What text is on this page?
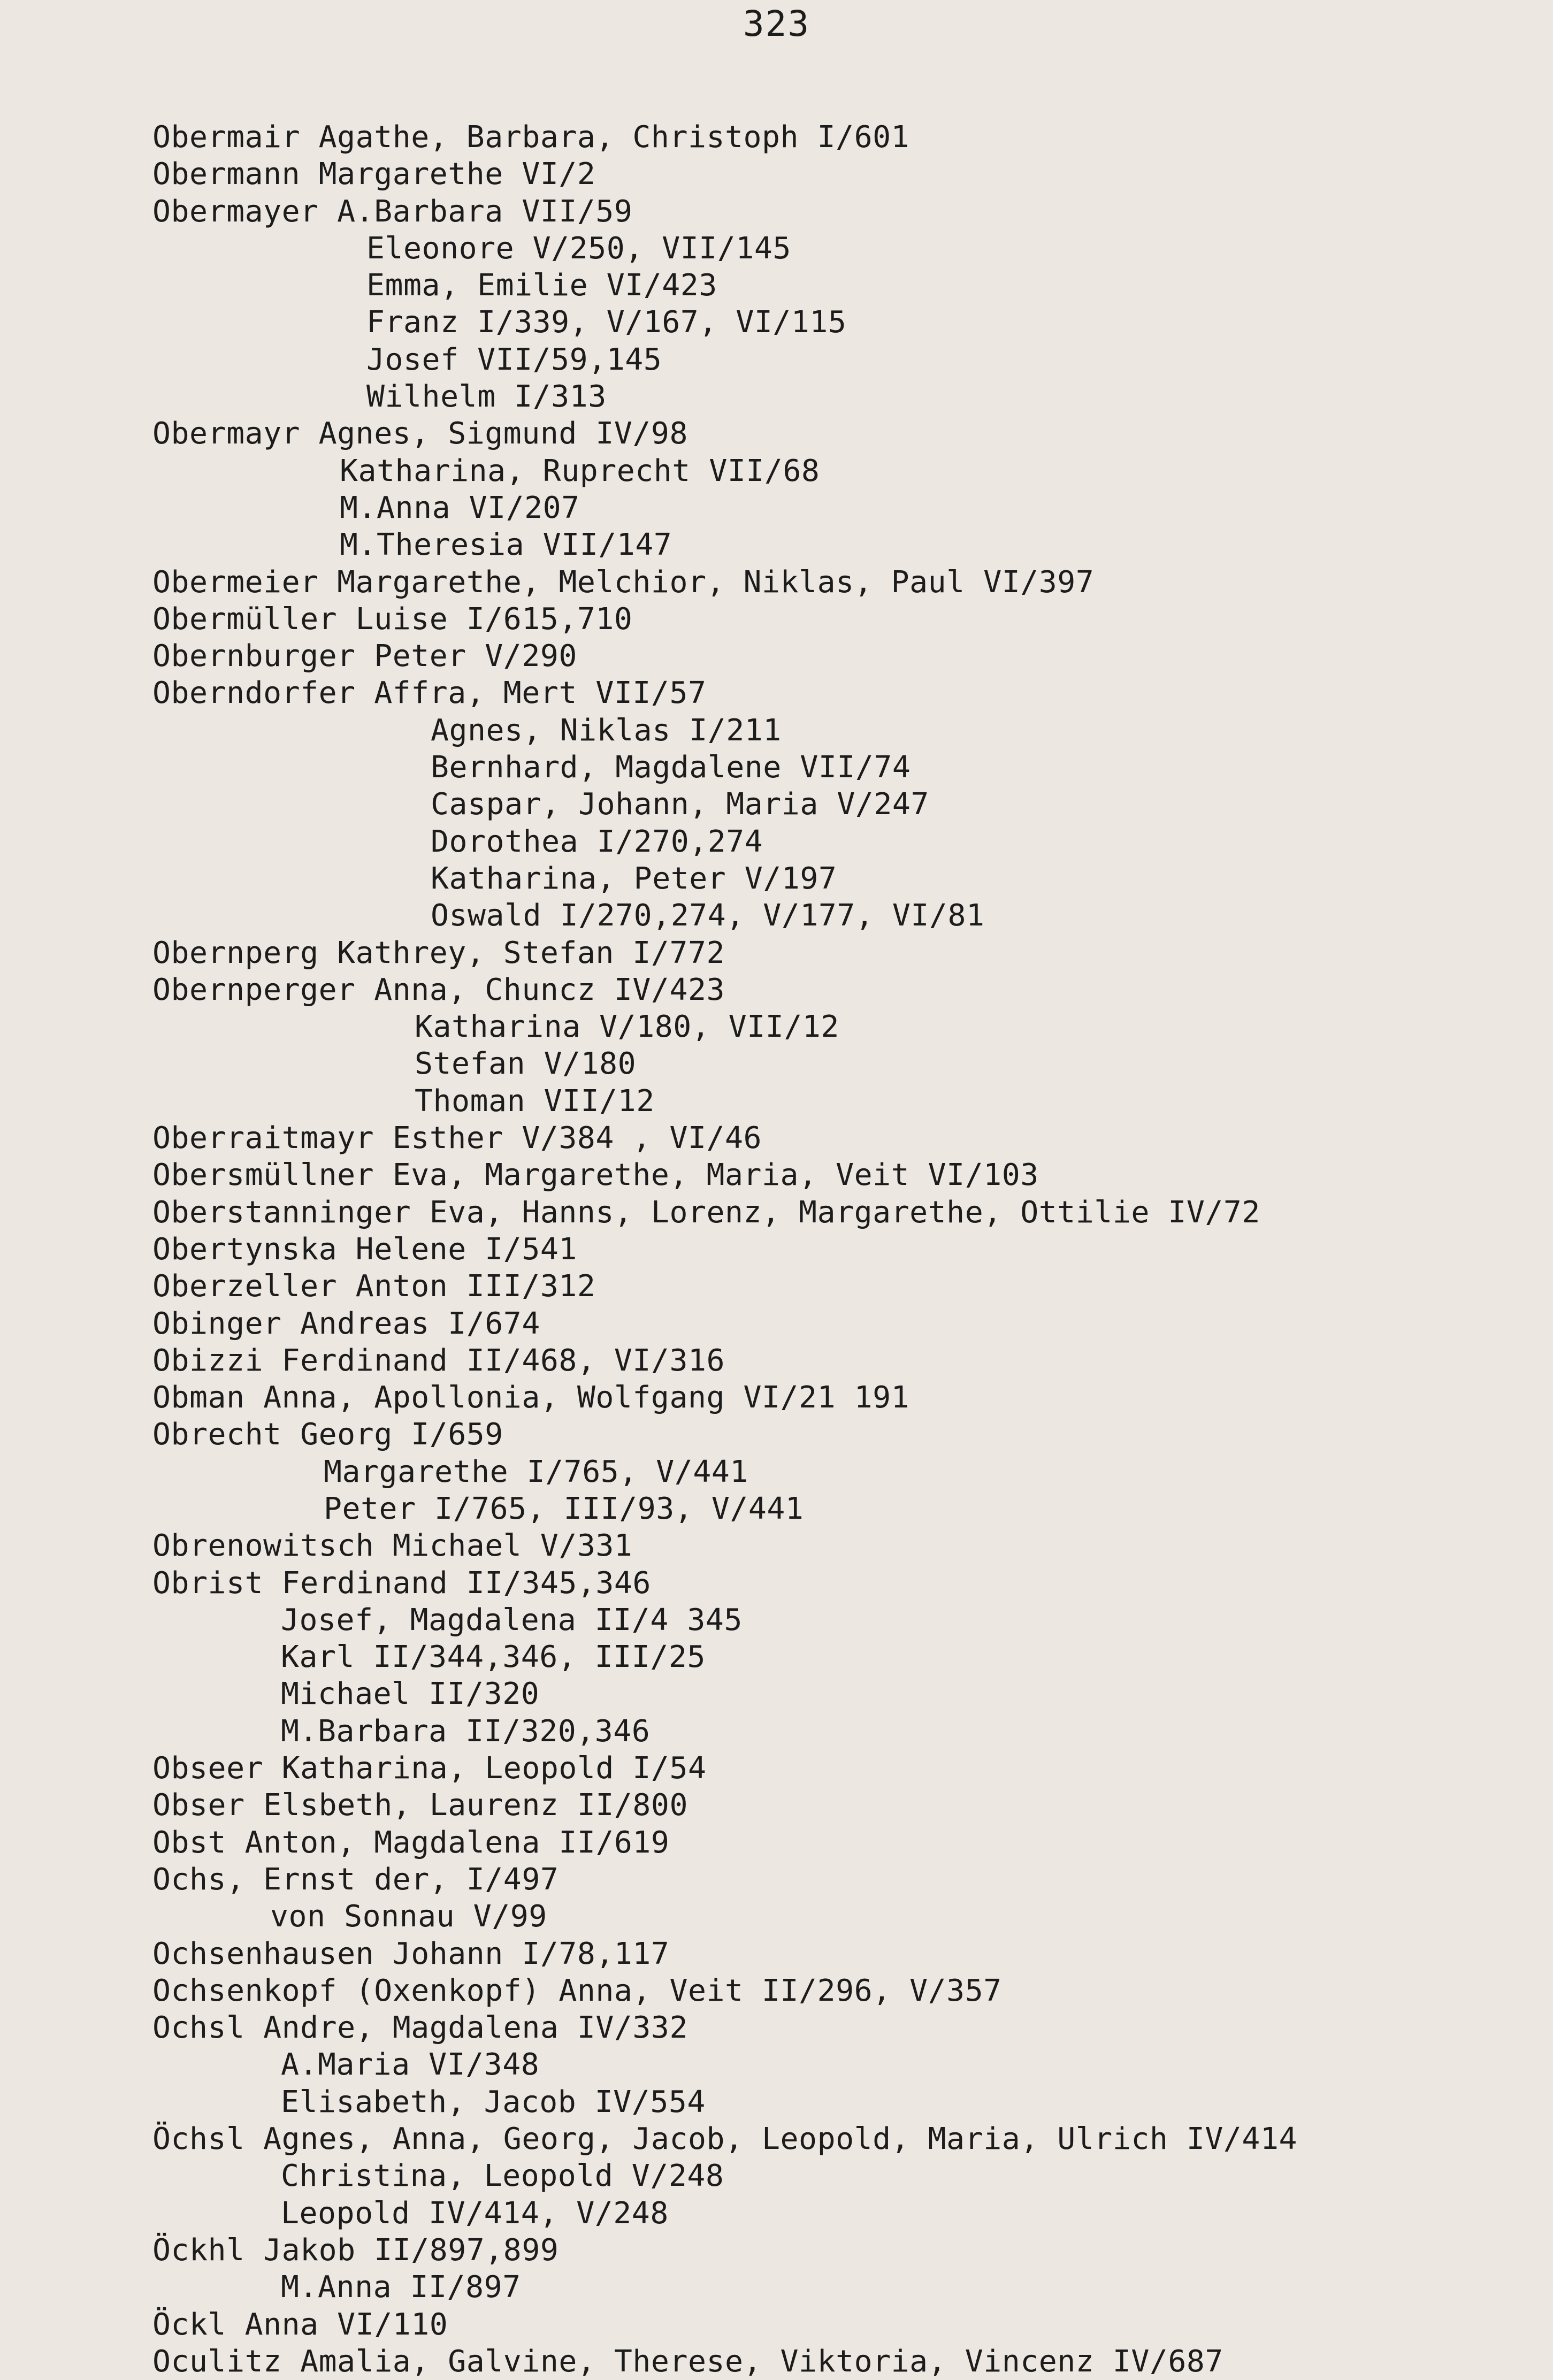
323
Obermair Agathe, Barbara, Christoph I/601
Obermann Margarethe VI/2
Obermayer A.Barbara VII/59
Eleonore V/250, VII/145
Emma, Emilie VI/423
Franz I/339, V/167, VI/115
Josef VII/59,145
Wilhelm I/313
Obermayr Agnes, Sigmund IV/98
Katharina, Ruprecht VII/68
M.Anna VI/207
M.Theresia VII/147
Obermeier Margarethe, Melchior, Niklas, Paul VI/397
Obermüller Luise I/615,710
Obernburger Peter V/290
Oberndorfer Affra, Mert VII/57
Agnes, Niklas I/211
Bernhard, Magdalene VII/74
Caspar, Johann, Maria V/247
Dorothea I/270,274
Katharina, Peter V/197
Oswald I/270,274, V/177, VI/81
Obernperg Kathrey, Stefan I/772
Obernperger Anna, Chuncz IV/423
Katharina V/180, VII/12
Stefan V/180
Thoman VII/12
Oberraitmayr Esther V/384 , VI/46
Obersmüllner Eva, Margarethe, Maria, Veit VI/103
Oberstanninger Eva, Hanns, Lorenz, Margarethe, Ottilie IV/72
Obertynska Helene I/541
Oberzeller Anton III/312
Obinger Andreas I/674
Obizzi Ferdinand II/468, VI/316
Obman Anna, Apollonia, Wolfgang VI/21 191
Obrecht Georg I/659
Margarethe I/765, V/441
Peter I/765, III/93, V/441
Obrenowitsch Michael V/331
Obrist Ferdinand II/345,346
Josef, Magdalena II/4 345
Karl II/344,346, III/25
Michael II/320
M.Barbara II/320,346
Obseer Katharina, Leopold I/54
Obser Elsbeth, Laurenz II/800
Obst Anton, Magdalena II/619
Ochs, Ernst der, I/497
von Sonnau V/99
Ochsenhausen Johann I/78,117
Ochsenkopf (Oxenkopf) Anna, Veit II/296, V/357
Ochsl Andre, Magdalena IV/332
A.Maria VI/348
Elisabeth, Jacob IV/554
Öchsl Agnes, Anna, Georg, Jacob, Leopold, Maria, Ulrich IV/414
Christina, Leopold V/248
Leopold IV/414, V/248
Öckhl Jakob II/897,899
M.Anna II/897
Öckl Anna VI/110
Oculitz Amalia, Galvine, Therese, Viktoria, Vincenz IV/687
